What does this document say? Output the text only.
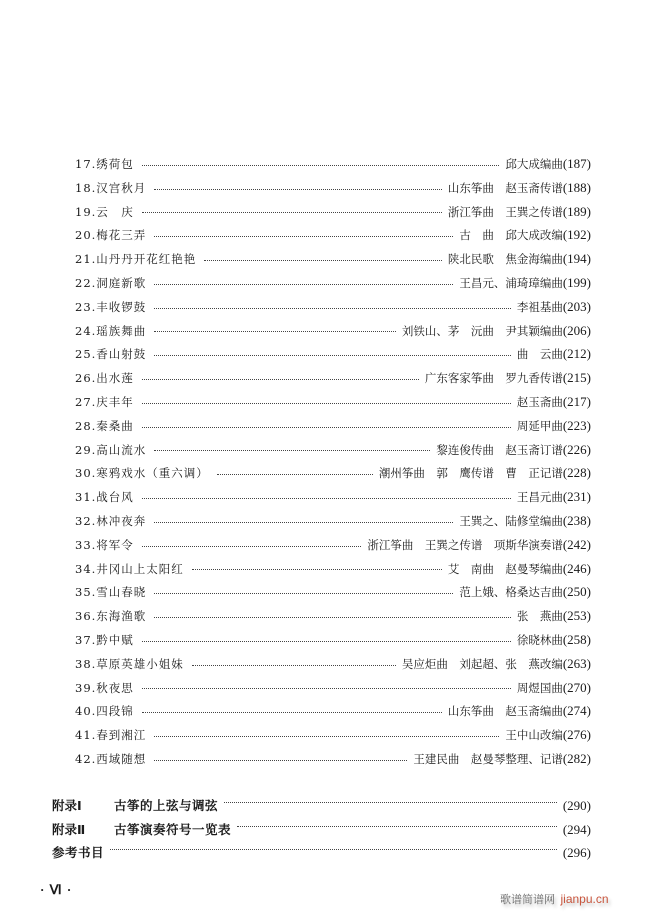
17.绣荷包	邱大成编曲 (187)
18.汉宫秋月	山东筝曲　赵玉斋传谱 (188)
19.云　庆	浙江筝曲　王巽之传谱 (189)
20.梅花三弄	古　曲　邱大成改编 (192)
21.山丹丹开花红艳艳	陕北民歌　焦金海编曲 (194)
22.洞庭新歌	王昌元、浦琦璋编曲 (199)
23.丰收锣鼓	李祖基曲 (203)
24.瑶族舞曲	刘铁山、茅　沅曲　尹其颖编曲 (206)
25.香山射鼓	曲　云曲 (212)
26.出水莲	广东客家筝曲　罗九香传谱 (215)
27.庆丰年	赵玉斋曲 (217)
28.秦桑曲	周延甲曲 (223)
29.高山流水	黎连俊传曲　赵玉斋订谱 (226)
30.寒鸦戏水（重六调）	潮州筝曲　郭　鹰传谱　曹　正记谱 (228)
31.战台风	王昌元曲 (231)
32.林冲夜奔	王巽之、陆修堂编曲 (238)
33.将军令	浙江筝曲　王巽之传谱　项斯华演奏谱 (242)
34.井冈山上太阳红	艾　南曲　赵曼琴编曲 (246)
35.雪山春晓	范上娥、格桑达吉曲 (250)
36.东海渔歌	张　燕曲 (253)
37.黔中赋	徐晓林曲 (258)
38.草原英雄小姐妹	吴应炬曲　刘起超、张　燕改编 (263)
39.秋夜思	周煜国曲 (270)
40.四段锦	山东筝曲　赵玉斋编曲 (274)
41.春到湘江	王中山改编 (276)
42.西域随想	王建民曲　赵曼琴整理、记谱 (282)
附录Ⅰ	古筝的上弦与调弦	(290)
附录Ⅱ	古筝演奏符号一览表	(294)
参考书目	(296)
· Ⅵ ·
歌谱简谱网 jianpu.cn
